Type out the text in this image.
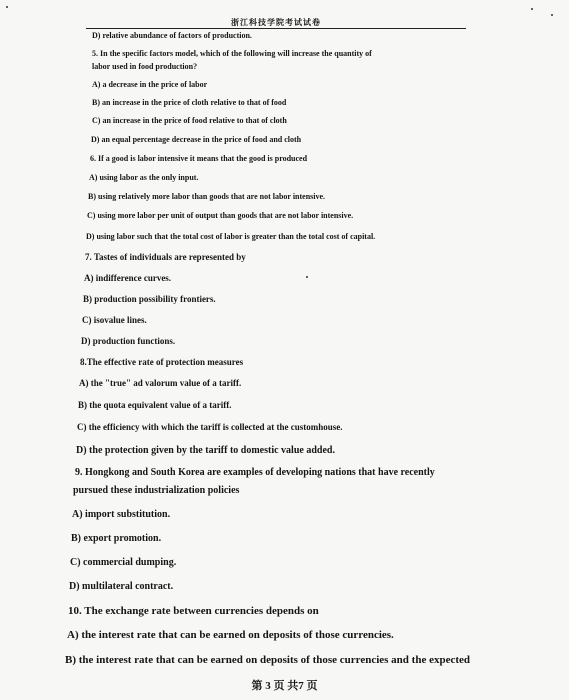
浙江科技学院考试试卷
D) relative abundance of factors of production.
5. In the specific factors model, which of the following will increase the quantity of
labor used in food production?
A) a decrease in the price of labor
B) an increase in the price of cloth relative to that of food
C) an increase in the price of food relative to that of cloth
D) an equal percentage decrease in the price of food and cloth
6. If a good is labor intensive it means that the good is produced
A) using labor as the only input.
B) using relatively more labor than goods that are not labor intensive.
C) using more labor per unit of output than goods that are not labor intensive.
D) using labor such that the total cost of labor is greater than the total cost of capital.
7. Tastes of individuals are represented by
A) indifference curves.
B) production possibility frontiers.
C) isovalue lines.
D) production functions.
8.The effective rate of protection measures
A) the "true" ad valorum value of a tariff.
B) the quota equivalent value of a tariff.
C) the efficiency with which the tariff is collected at the customhouse.
D) the protection given by the tariff to domestic value added.
9. Hongkong and South Korea are examples of developing nations that have recently
pursued these industrialization policies
A) import substitution.
B) export promotion.
C) commercial dumping.
D) multilateral contract.
10. The exchange rate between currencies depends on
A) the interest rate that can be earned on deposits of those currencies.
B) the interest rate that can be earned on deposits of those currencies and the expected
第 3 页 共7 页
